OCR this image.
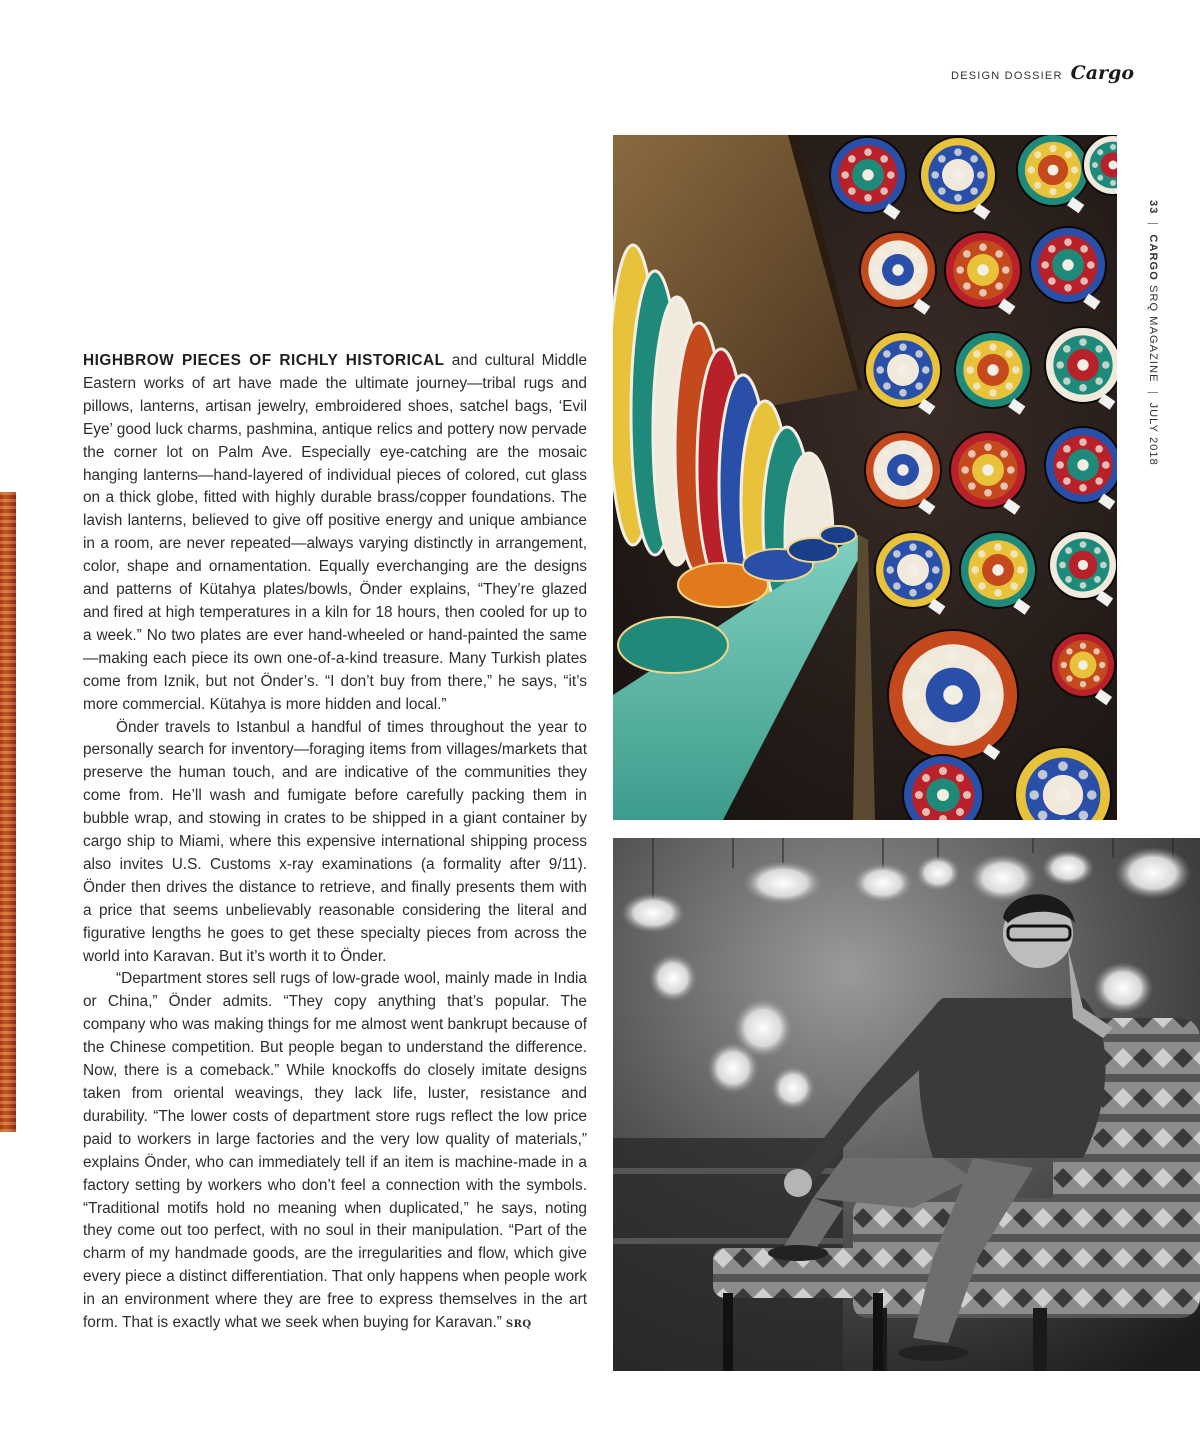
DESIGN DOSSIER Cargo
33|CARGO SRQ MAGAZINE|JULY 2018

HIGHBROW PIECES OF RICHLY HISTORICAL and cultural Middle Eastern works of art have made the ultimate journey—tribal rugs and pillows, lanterns, artisan jewelry, embroidered shoes, satchel bags, ‘Evil Eye’ good luck charms, pashmina, antique relics and pottery now pervade the corner lot on Palm Ave. Especially eye-catching are the mosaic hanging lanterns—hand-layered of individual pieces of colored, cut glass on a thick globe, fitted with highly durable brass/copper foundations. The lavish lanterns, believed to give off positive energy and unique ambiance in a room, are never repeated—always varying distinctly in arrangement, color, shape and ornamentation. Equally everchanging are the designs and patterns of Kütahya plates/bowls, Önder explains, “They’re glazed and fired at high temperatures in a kiln for 18 hours, then cooled for up to a week.” No two plates are ever hand-wheeled or hand-painted the same—making each piece its own one-of-a-kind treasure. Many Turkish plates come from Iznik, but not Önder’s. “I don’t buy from there,” he says, “it’s more commercial. Kütahya is more hidden and local.”

Önder travels to Istanbul a handful of times throughout the year to personally search for inventory—foraging items from villages/markets that preserve the human touch, and are indicative of the communities they come from. He’ll wash and fumigate before carefully packing them in bubble wrap, and stowing in crates to be shipped in a giant container by cargo ship to Miami, where this expensive international shipping process also invites U.S. Customs x-ray examinations (a formality after 9/11). Önder then drives the distance to retrieve, and finally presents them with a price that seems unbelievably reasonable considering the literal and figurative lengths he goes to get these specialty pieces from across the world into Karavan. But it’s worth it to Önder.

“Department stores sell rugs of low-grade wool, mainly made in India or China,” Önder admits. “They copy anything that’s popular. The company who was making things for me almost went bankrupt because of the Chinese competition. But people began to understand the difference. Now, there is a comeback.” While knockoffs do closely imitate designs taken from oriental weavings, they lack life, luster, resistance and durability. “The lower costs of department store rugs reflect the low price paid to workers in large factories and the very low quality of materials,” explains Önder, who can immediately tell if an item is machine-made in a factory setting by workers who don’t feel a connection with the symbols. “Traditional motifs hold no meaning when duplicated,” he says, noting they come out too perfect, with no soul in their manipulation. “Part of the charm of my handmade goods, are the irregularities and flow, which give every piece a distinct differentiation. That only happens when people work in an environment where they are free to express themselves in the art form. That is exactly what we seek when buying for Karavan.” SRQ
